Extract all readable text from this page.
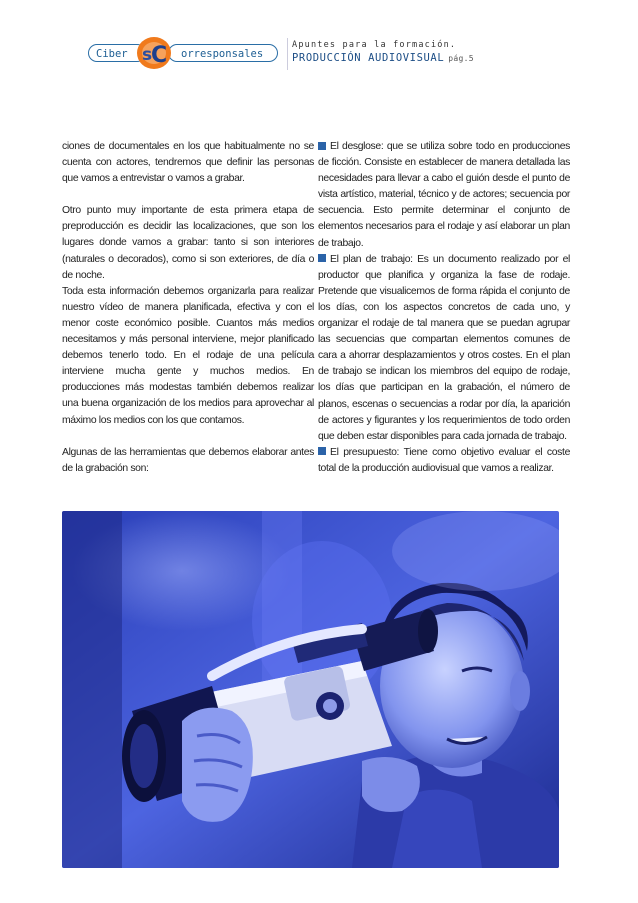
Ciber	orresponsales
s
C	Apuntes para la formación.
PRODUCCIÓN AUDIOVISUAL pág.5

ciones de documentales en los que habitualmente no se cuenta con actores, tendremos que definir las personas que vamos a entrevistar o vamos a grabar.

Otro punto muy importante de esta primera etapa de preproducción es decidir las localizaciones, que son los lugares donde vamos a grabar: tanto si son interiores (naturales o decorados), como si son exteriores, de día o de noche.

Toda esta información debemos organizarla para realizar nuestro vídeo de manera planificada, efectiva y con el menor coste económico posible. Cuantos más medios necesitamos y más personal interviene, mejor planificado debemos tenerlo todo. En el rodaje de una película interviene mucha gente y muchos medios. En producciones más modestas también debemos realizar una buena organización de los medios para aprovechar al máximo los medios con los que contamos.

Algunas de las herramientas que debemos elaborar antes de la grabación son:

El desglose: que se utiliza sobre todo en producciones de ficción. Consiste en establecer de manera detallada las necesidades para llevar a cabo el guión desde el punto de vista artístico, material, técnico y de actores; secuencia por secuencia. Esto permite determinar el conjunto de elementos necesarios para el rodaje y así elaborar un plan de trabajo.

El plan de trabajo: Es un documento realizado por el productor que planifica y organiza la fase de rodaje. Pretende que visualicemos de forma rápida el conjunto de los días, con los aspectos concretos de cada uno, y organizar el rodaje de tal manera que se puedan agrupar las secuencias que compartan elementos comunes de cara a ahorrar desplazamientos y otros costes. En el plan de trabajo se indican los miembros del equipo de rodaje, los días que participan en la grabación, el número de planos, escenas o secuencias a rodar por día, la aparición de actores y figurantes y los requerimientos de todo orden que deben estar disponibles para cada jornada de trabajo.

El presupuesto: Tiene como objetivo evaluar el coste total de la producción audiovisual que vamos a realizar.
